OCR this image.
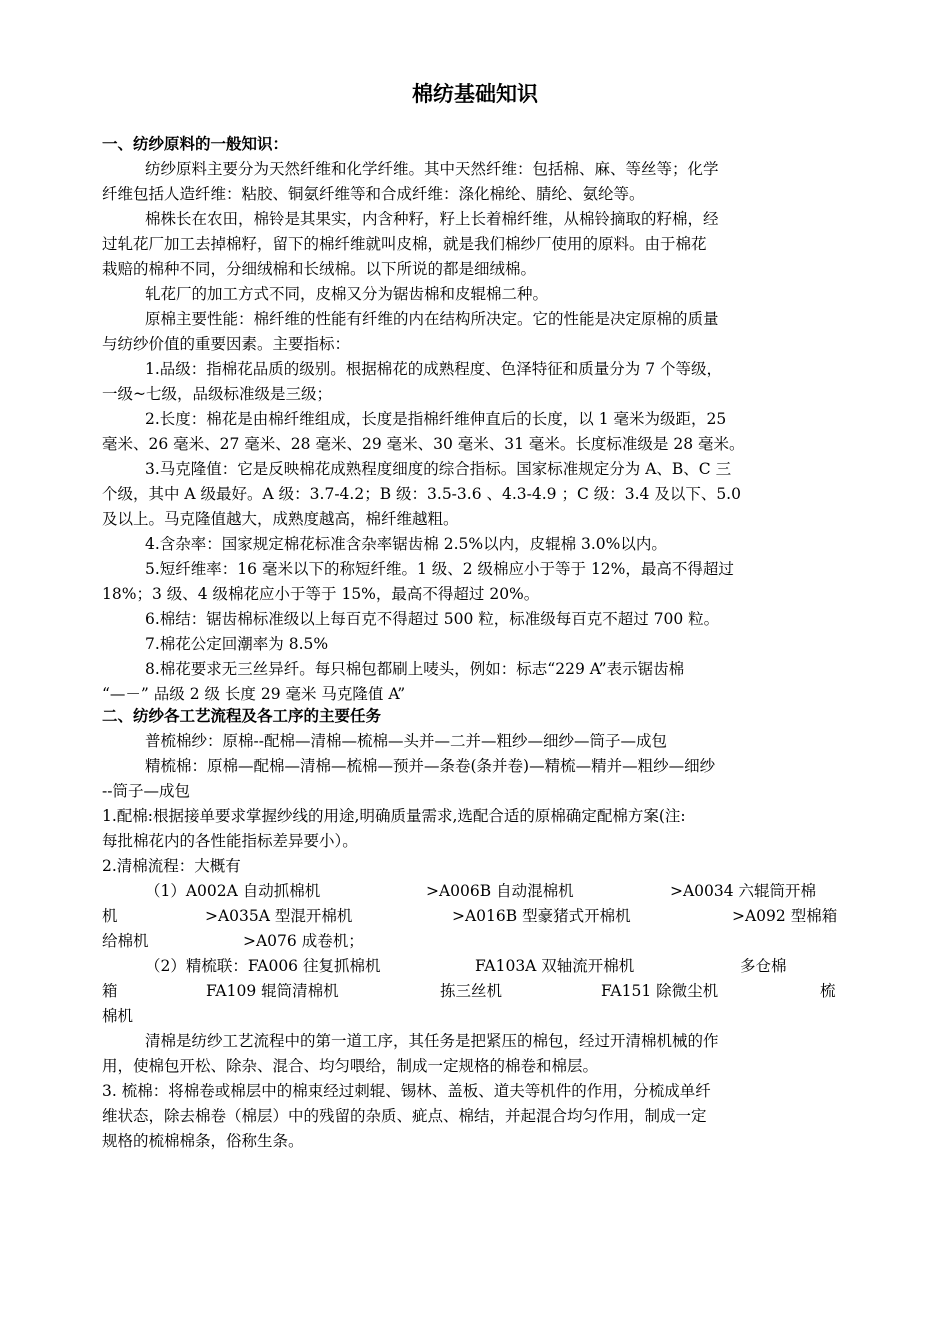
棉纺基础知识
一、纺纱原料的一般知识：
纺纱原料主要分为天然纤维和化学纤维。其中天然纤维：包括棉、麻、等丝等；化学
纤维包括人造纤维：粘胶、铜氨纤维等和合成纤维：涤化棉纶、腈纶、氨纶等。
棉株长在农田，棉铃是其果实，内含种籽，籽上长着棉纤维，从棉铃摘取的籽棉，经
过轧花厂加工去掉棉籽，留下的棉纤维就叫皮棉，就是我们棉纱厂使用的原料。由于棉花
栽赔的棉种不同，分细绒棉和长绒棉。以下所说的都是细绒棉。
轧花厂的加工方式不同，皮棉又分为锯齿棉和皮辊棉二种。
原棉主要性能：棉纤维的性能有纤维的内在结构所决定。它的性能是决定原棉的质量
与纺纱价值的重要因素。主要指标：
1.品级：指棉花品质的级别。根据棉花的成熟程度、色泽特征和质量分为 7 个等级，
一级~七级，品级标准级是三级；
2.长度：棉花是由棉纤维组成，长度是指棉纤维伸直后的长度，以 1 毫米为级距，25
毫米、26 毫米、27 毫米、28 毫米、29 毫米、30 毫米、31 毫米。长度标准级是 28 毫米。
3.马克隆值：它是反映棉花成熟程度细度的综合指标。国家标准规定分为 A、B、C 三
个级，其中 A 级最好。A 级：3.7-4.2；B 级：3.5-3.6 、4.3-4.9 ；C 级：3.4 及以下、5.0
及以上。马克隆值越大，成熟度越高，棉纤维越粗。
4.含杂率：国家规定棉花标准含杂率锯齿棉 2.5%以内，皮辊棉 3.0%以内。
5.短纤维率：16 毫米以下的称短纤维。1 级、2 级棉应小于等于 12%，最高不得超过
18%；3 级、4 级棉花应小于等于 15%，最高不得超过 20%。
6.棉结：锯齿棉标准级以上每百克不得超过 500 粒，标准级每百克不超过 700 粒。
7.棉花公定回潮率为 8.5%
8.棉花要求无三丝异纤。每只棉包都刷上唛头，例如：标志“229 A”表示锯齿棉
“—－” 品级 2 级 长度 29 毫米 马克隆值 A”
二、纺纱各工艺流程及各工序的主要任务
普梳棉纱：原棉--配棉—清棉—梳棉—头并—二并—粗纱—细纱—筒子—成包
精梳棉：原棉—配棉—清棉—梳棉—预并—条卷(条并卷)—精梳—精并—粗纱—细纱
--筒子—成包
1.配棉:根据接单要求掌握纱线的用途,明确质量需求,选配合适的原棉确定配棉方案(注:
每批棉花内的各性能指标差异要小）。
2.清棉流程：大概有
（1）A002A 自动抓棉机	>A006B 自动混棉机	>A0034 六辊筒开棉
机	>A035A 型混开棉机	>A016B 型豪猪式开棉机	>A092 型棉箱
给棉机	>A076 成卷机；
（2）精梳联：FA006 往复抓棉机	FA103A 双轴流开棉机	多仓棉
箱	FA109 辊筒清棉机	拣三丝机	FA151 除微尘机	梳
棉机
清棉是纺纱工艺流程中的第一道工序，其任务是把紧压的棉包，经过开清棉机械的作
用，使棉包开松、除杂、混合、均匀喂给，制成一定规格的棉卷和棉层。
3. 梳棉：将棉卷或棉层中的棉束经过刺辊、锡林、盖板、道夫等机件的作用，分梳成单纤
维状态，除去棉卷（棉层）中的残留的杂质、疵点、棉结，并起混合均匀作用，制成一定
规格的梳棉棉条，俗称生条。
